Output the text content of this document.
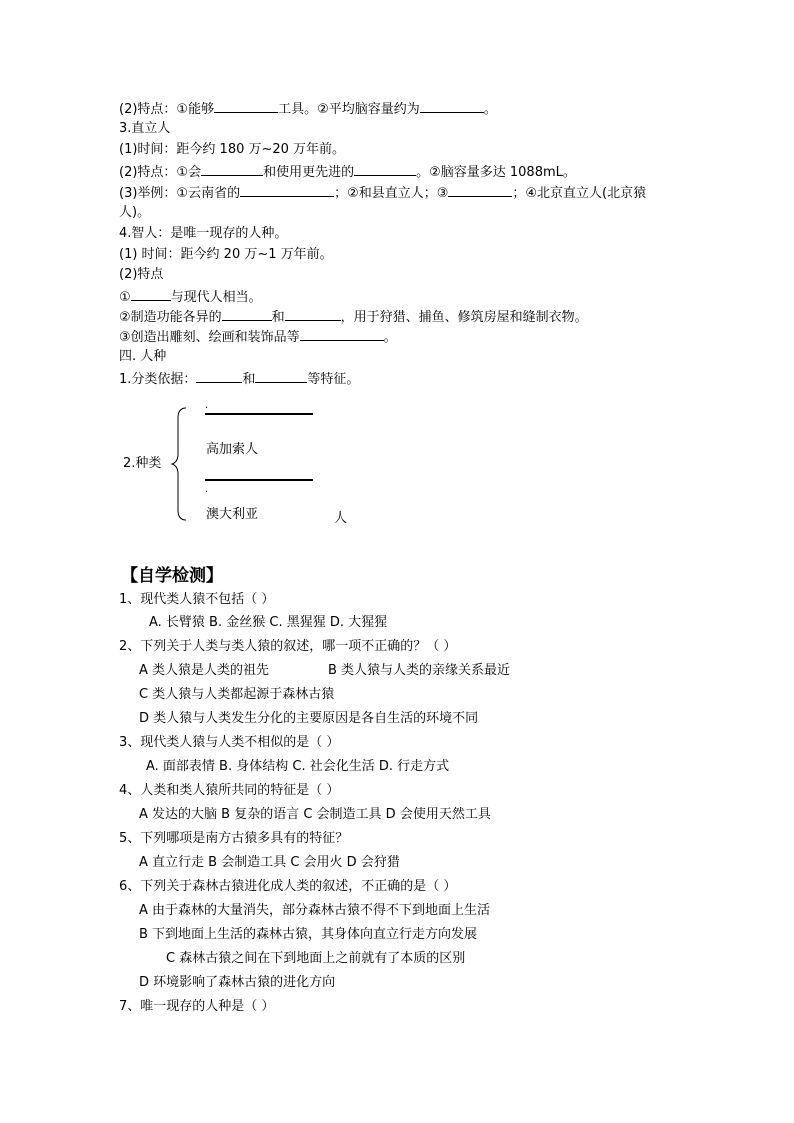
(2)特点：①能够	工具。②平均脑容量约为	。
3.直立人
(1)时间：距今约 180 万~20 万年前。
(2)特点：①会	和使用更先进的	。②脑容量多达 1088mL。
(3)举例：①云南省的	；②和县直立人；③	；④北京直立人(北京猿
人)。
4.智人：是唯一现存的人种。
(1) 时间：距今约 20 万~1 万年前。
(2)特点
①	与现代人相当。
②制造功能各异的	和	，用于狩猎、捕鱼、修筑房屋和缝制衣物。
③创造出雕刻、绘画和装饰品等	。
四. 人种
1.分类依据：	和	等特征。
2.种类
.
高加索人
.
澳大利亚	人
【自学检测】
1、现代类人猿不包括（ ）
A. 长臂猿 B. 金丝猴 C. 黑猩猩 D. 大猩猩
2、下列关于人类与类人猿的叙述，哪一项不正确的？（ ）
A 类人猿是人类的祖先	B 类人猿与人类的亲缘关系最近
C 类人猿与人类都起源于森林古猿
D 类人猿与人类发生分化的主要原因是各自生活的环境不同
3、现代类人猿与人类不相似的是（ ）
A. 面部表情 B. 身体结构 C. 社会化生活 D. 行走方式
4、人类和类人猿所共同的特征是（ ）
A 发达的大脑 B 复杂的语言 C 会制造工具 D 会使用天然工具
5、下列哪项是南方古猿多具有的特征？
A 直立行走 B 会制造工具 C 会用火 D 会狩猎
6、下列关于森林古猿进化成人类的叙述，不正确的是（ ）
A 由于森林的大量消失，部分森林古猿不得不下到地面上生活
B 下到地面上生活的森林古猿，其身体向直立行走方向发展
C 森林古猿之间在下到地面上之前就有了本质的区别
D 环境影响了森林古猿的进化方向
7、唯一现存的人种是（ ）
